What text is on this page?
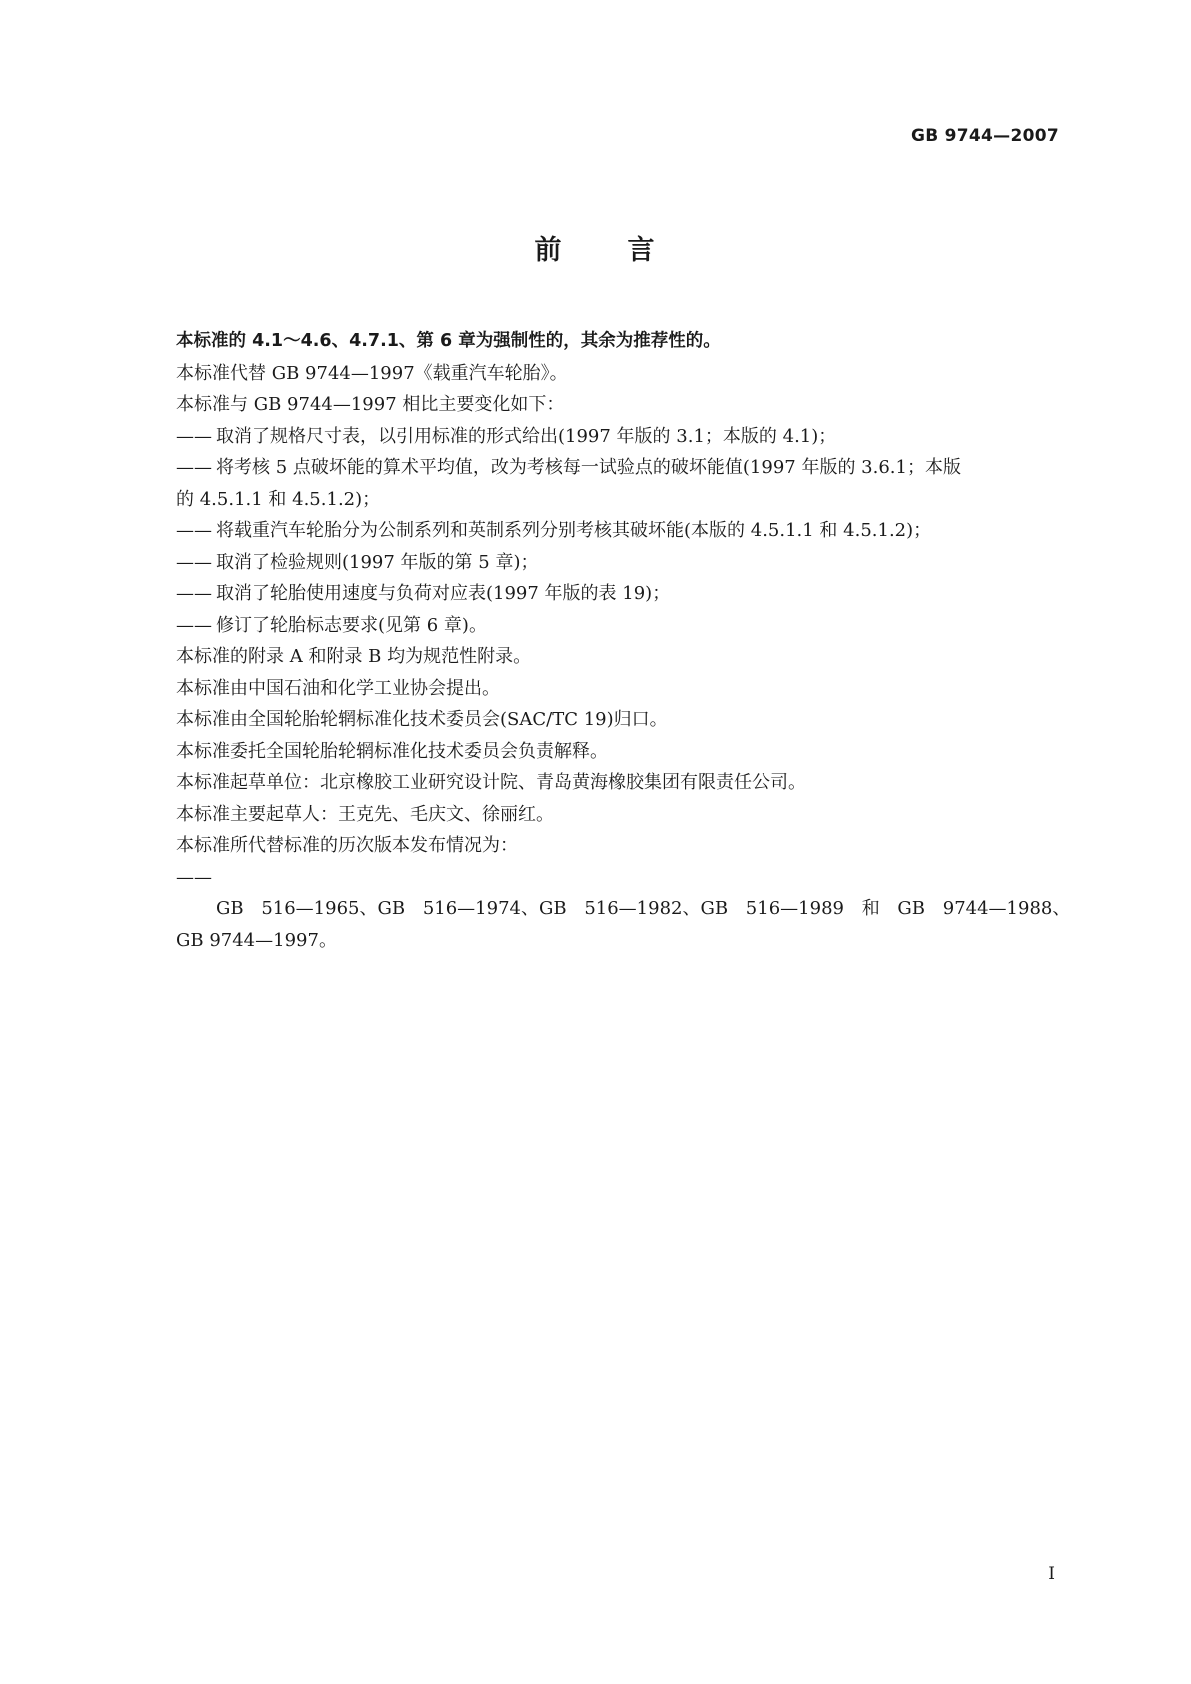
GB 9744—2007
前 言

本标准的 4.1～4.6、4.7.1、第 6 章为强制性的，其余为推荐性的。

本标准代替 GB 9744—1997《载重汽车轮胎》。

本标准与 GB 9744—1997 相比主要变化如下：

—— 取消了规格尺寸表，以引用标准的形式给出(1997 年版的 3.1；本版的 4.1)；

—— 将考核 5 点破坏能的算术平均值，改为考核每一试验点的破坏能值(1997 年版的 3.6.1；本版
的 4.5.1.1 和 4.5.1.2)；

—— 将载重汽车轮胎分为公制系列和英制系列分别考核其破坏能(本版的 4.5.1.1 和 4.5.1.2)；

—— 取消了检验规则(1997 年版的第 5 章)；

—— 取消了轮胎使用速度与负荷对应表(1997 年版的表 19)；

—— 修订了轮胎标志要求(见第 6 章)。

本标准的附录 A 和附录 B 均为规范性附录。

本标准由中国石油和化学工业协会提出。

本标准由全国轮胎轮辋标准化技术委员会(SAC/TC 19)归口。

本标准委托全国轮胎轮辋标准化技术委员会负责解释。

本标准起草单位：北京橡胶工业研究设计院、青岛黄海橡胶集团有限责任公司。

本标准主要起草人：王克先、毛庆文、徐丽红。

本标准所代替标准的历次版本发布情况为：

——GB 516—1965、GB 516—1974、GB 516—1982、GB 516—1989 和 GB 9744—1988、
GB 9744—1997。

I
